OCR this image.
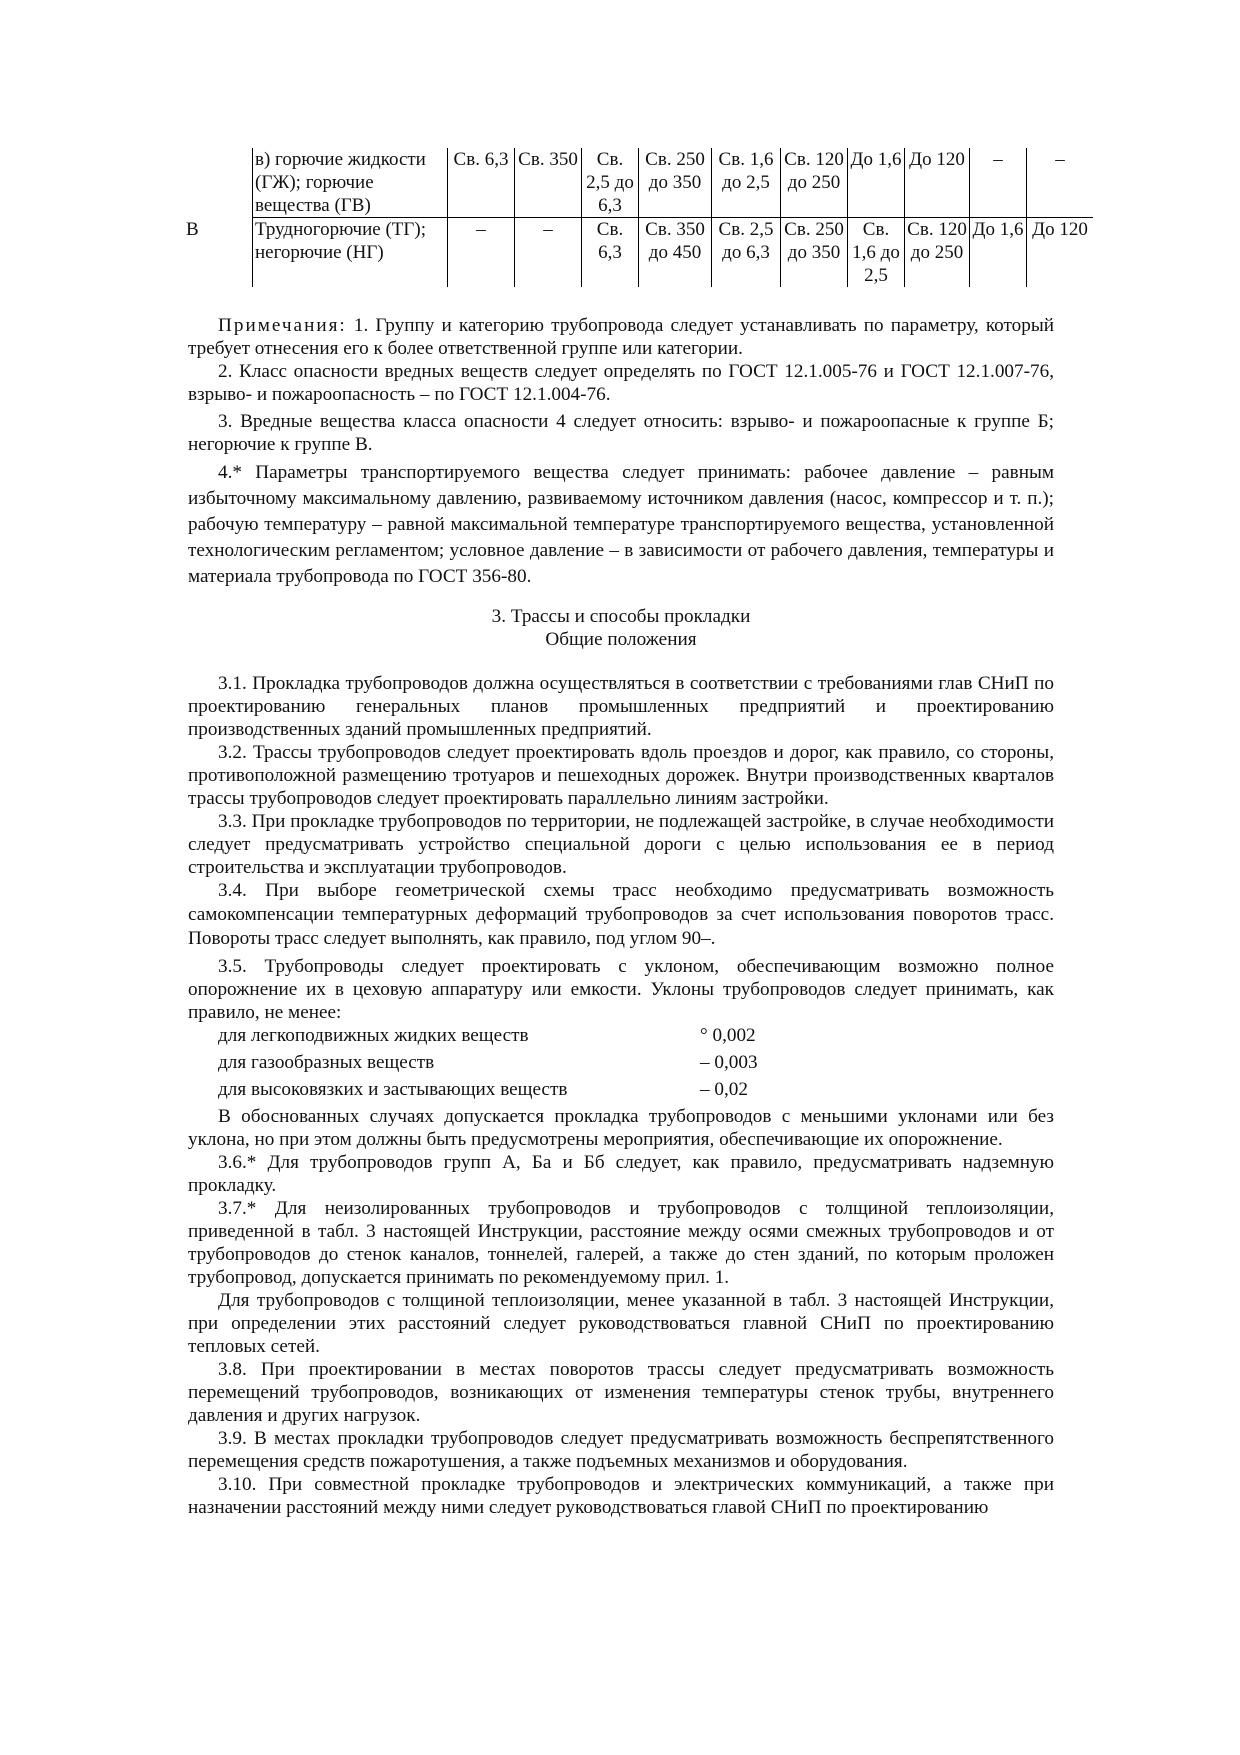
	в) горючие жидкости (ГЖ); горючие вещества (ГВ)	Св. 6,3	Св. 350	Св. 2,5 до 6,3	Св. 250 до 350	Св. 1,6 до 2,5	Св. 120 до 250	До 1,6	До 120	–	–
В	Трудногорючие (ТГ); негорючие (НГ)	–	–	Св. 6,3	Св. 350 до 450	Св. 2,5 до 6,3	Св. 250 до 350	Св. 1,6 до 2,5	Св. 120 до 250	До 1,6	До 120

Примечания: 1. Группу и категорию трубопровода следует устанавливать по параметру, который требует отнесения его к более ответственной группе или категории.

2. Класс опасности вредных веществ следует определять по ГОСТ 12.1.005-76 и ГОСТ 12.1.007-76, взрыво- и пожароопасность – по ГОСТ 12.1.004-76.

3. Вредные вещества класса опасности 4 следует относить: взрыво- и пожароопасные к группе Б; негорючие к группе В.

4.* Параметры транспортируемого вещества следует принимать: рабочее давление – равным избыточному максимальному давлению, развиваемому источником давления (насос, компрессор и т. п.); рабочую температуру – равной максимальной температуре транспортируемого вещества, установленной технологическим регламентом; условное давление – в зависимости от рабочего давления, температуры и материала трубопровода по ГОСТ 356-80.

3. Трассы и способы прокладки

Общие положения

3.1. Прокладка трубопроводов должна осуществляться в соответствии с требованиями глав СНиП по проектированию генеральных планов промышленных предприятий и проектированию производственных зданий промышленных предприятий.

3.2. Трассы трубопроводов следует проектировать вдоль проездов и дорог, как правило, со стороны, противоположной размещению тротуаров и пешеходных дорожек. Внутри производственных кварталов трассы трубопроводов следует проектировать параллельно линиям застройки.

3.3. При прокладке трубопроводов по территории, не подлежащей застройке, в случае необходимости следует предусматривать устройство специальной дороги с целью использования ее в период строительства и эксплуатации трубопроводов.

3.4. При выборе геометрической схемы трасс необходимо предусматривать возможность самокомпенсации температурных деформаций трубопроводов за счет использования поворотов трасс. Повороты трасс следует выполнять, как правило, под углом 90–.

3.5. Трубопроводы следует проектировать с уклоном, обеспечивающим возможно полное опорожнение их в цеховую аппаратуру или емкости. Уклоны трубопроводов следует принимать, как правило, не менее:

для легкоподвижных жидких веществ	° 0,002
для газообразных веществ	– 0,003
для высоковязких и застывающих веществ	– 0,02

В обоснованных случаях допускается прокладка трубопроводов с меньшими уклонами или без уклона, но при этом должны быть предусмотрены мероприятия, обеспечивающие их опорожнение.

3.6.* Для трубопроводов групп А, Ба и Бб следует, как правило, предусматривать надземную прокладку.

3.7.* Для неизолированных трубопроводов и трубопроводов с толщиной теплоизоляции, приведенной в табл. 3 настоящей Инструкции, расстояние между осями смежных трубопроводов и от трубопроводов до стенок каналов, тоннелей, галерей, а также до стен зданий, по которым проложен трубопровод, допускается принимать по рекомендуемому прил. 1.

Для трубопроводов с толщиной теплоизоляции, менее указанной в табл. 3 настоящей Инструкции, при определении этих расстояний следует руководствоваться главной СНиП по проектированию тепловых сетей.

3.8. При проектировании в местах поворотов трассы следует предусматривать возможность перемещений трубопроводов, возникающих от изменения температуры стенок трубы, внутреннего давления и других нагрузок.

3.9. В местах прокладки трубопроводов следует предусматривать возможность беспрепятственного перемещения средств пожаротушения, а также подъемных механизмов и оборудования.

3.10. При совместной прокладке трубопроводов и электрических коммуникаций, а также при назначении расстояний между ними следует руководствоваться главой СНиП по проектированию
